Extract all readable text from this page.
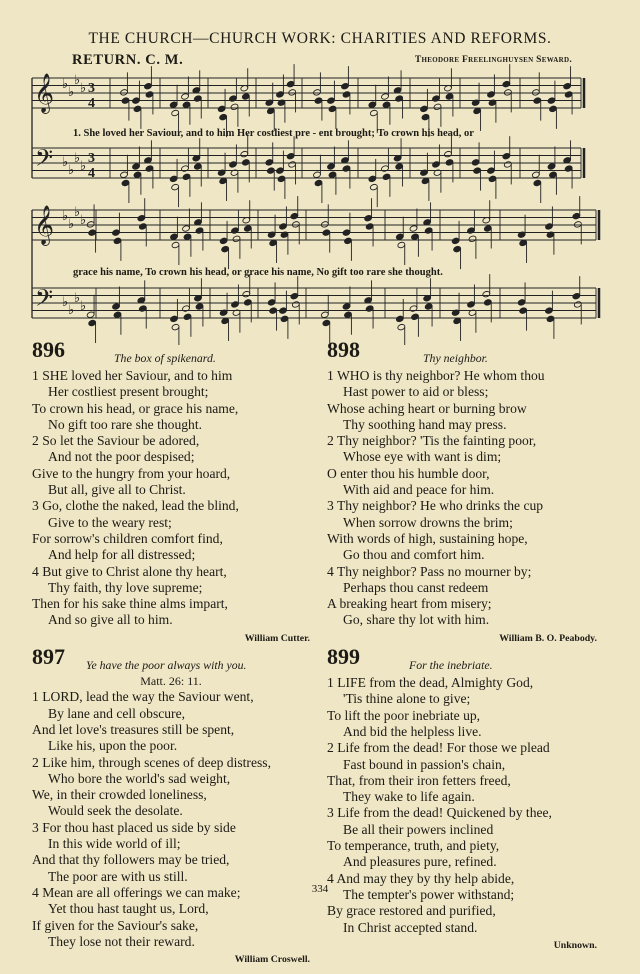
THE CHURCH—CHURCH WORK: CHARITIES AND REFORMS.
RETURN. C. M.	Theodore Freelinghuysen Seward.
𝄞
𝄢
♭
♭
♭
♭
♭
♭
♭
♭
3
4
3
4
𝄞
𝄢
♭
♭
♭
♭
♭
♭
♭
♭
1. She loved her Saviour, and to him Her costliest pre - ent brought; To crown his head, or
grace his name, To crown his head, or grace his name, No gift too rare she thought.
896	The box of spikenard.
1 SHE loved her Saviour, and to him
Her costliest present brought;
To crown his head, or grace his name,
No gift too rare she thought.
2 So let the Saviour be adored,
And not the poor despised;
Give to the hungry from your hoard,
But all, give all to Christ.
3 Go, clothe the naked, lead the blind,
Give to the weary rest;
For sorrow's children comfort find,
And help for all distressed;
4 But give to Christ alone thy heart,
Thy faith, thy love supreme;
Then for his sake thine alms impart,
And so give all to him.
William Cutter.
897 Ye have the poor always with you.
Matt. 26: 11.
1 LORD, lead the way the Saviour went,
By lane and cell obscure,
And let love's treasures still be spent,
Like his, upon the poor.
2 Like him, through scenes of deep distress,
Who bore the world's sad weight,
We, in their crowded loneliness,
Would seek the desolate.
3 For thou hast placed us side by side
In this wide world of ill;
And that thy followers may be tried,
The poor are with us still.
4 Mean are all offerings we can make;
Yet thou hast taught us, Lord,
If given for the Saviour's sake,
They lose not their reward.
William Croswell.
898	Thy neighbor.
1 WHO is thy neighbor? He whom thou
Hast power to aid or bless;
Whose aching heart or burning brow
Thy soothing hand may press.
2 Thy neighbor? 'Tis the fainting poor,
Whose eye with want is dim;
O enter thou his humble door,
With aid and peace for him.
3 Thy neighbor? He who drinks the cup
When sorrow drowns the brim;
With words of high, sustaining hope,
Go thou and comfort him.
4 Thy neighbor? Pass no mourner by;
Perhaps thou canst redeem
A breaking heart from misery;
Go, share thy lot with him.
William B. O. Peabody.
899	For the inebriate.
1 LIFE from the dead, Almighty God,
'Tis thine alone to give;
To lift the poor inebriate up,
And bid the helpless live.
2 Life from the dead! For those we plead
Fast bound in passion's chain,
That, from their iron fetters freed,
They wake to life again.
3 Life from the dead! Quickened by thee,
Be all their powers inclined
To temperance, truth, and piety,
And pleasures pure, refined.
4 And may they by thy help abide,
The tempter's power withstand;
By grace restored and purified,
In Christ accepted stand.
Unknown.
334
